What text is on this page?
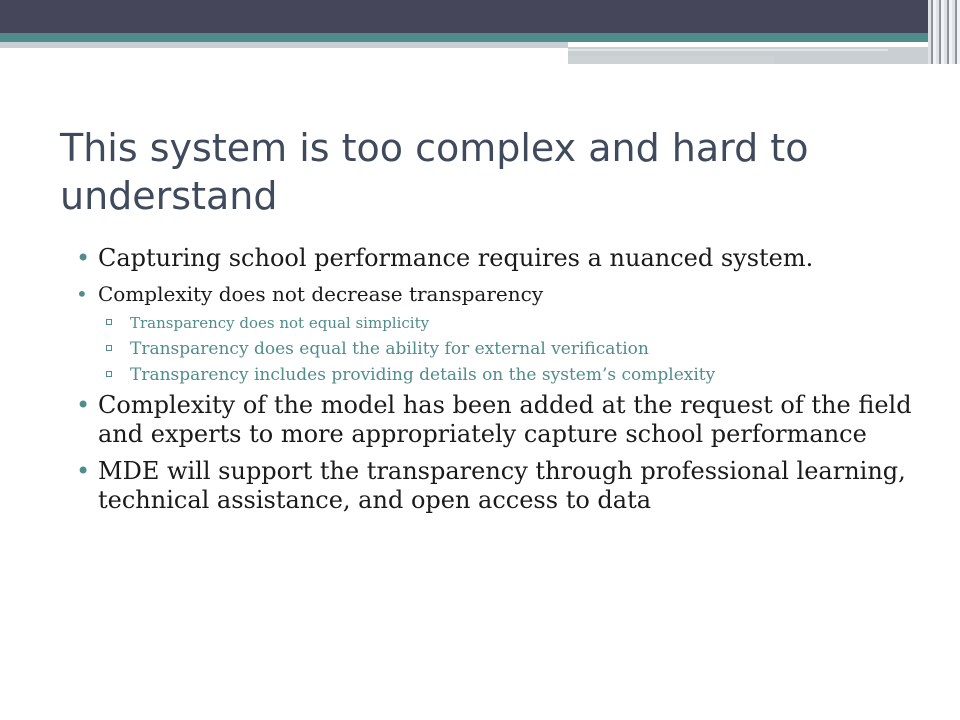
This system is too complex and hard to understand
• Capturing school performance requires a nuanced system.
• Complexity does not decrease transparency
Transparency does not equal simplicity
Transparency does equal the ability for external verification
Transparency includes providing details on the system’s complexity
• Complexity of the model has been added at the request of the field and experts to more appropriately capture school performance
• MDE will support the transparency through professional learning, technical assistance, and open access to data
